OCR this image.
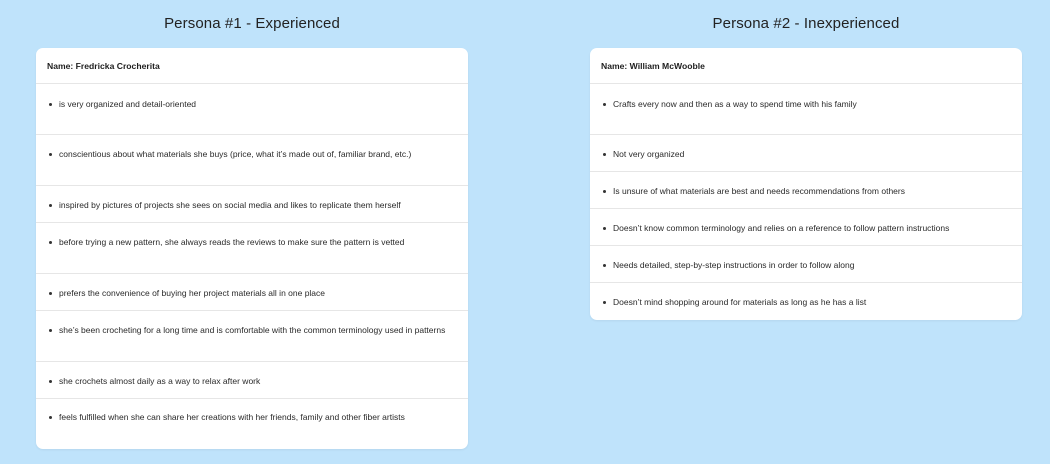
Persona #1 - Experienced
Name: Fredricka Crocherita
is very organized and detail-oriented
conscientious about what materials she buys (price, what it’s made out of, familiar brand, etc.)
inspired by pictures of projects she sees on social media and likes to replicate them herself
before trying a new pattern, she always reads the reviews to make sure the pattern is vetted
prefers the convenience of buying her project materials all in one place
she’s been crocheting for a long time and is comfortable with the common terminology used in patterns
she crochets almost daily as a way to relax after work
feels fulfilled when she can share her creations with her friends, family and other fiber artists
Persona #2 - Inexperienced
Name: William McWooble
Crafts every now and then as a way to spend time with his family
Not very organized
Is unsure of what materials are best and needs recommendations from others
Doesn’t know common terminology and relies on a reference to follow pattern instructions
Needs detailed, step-by-step instructions in order to follow along
Doesn’t mind shopping around for materials as long as he has a list
